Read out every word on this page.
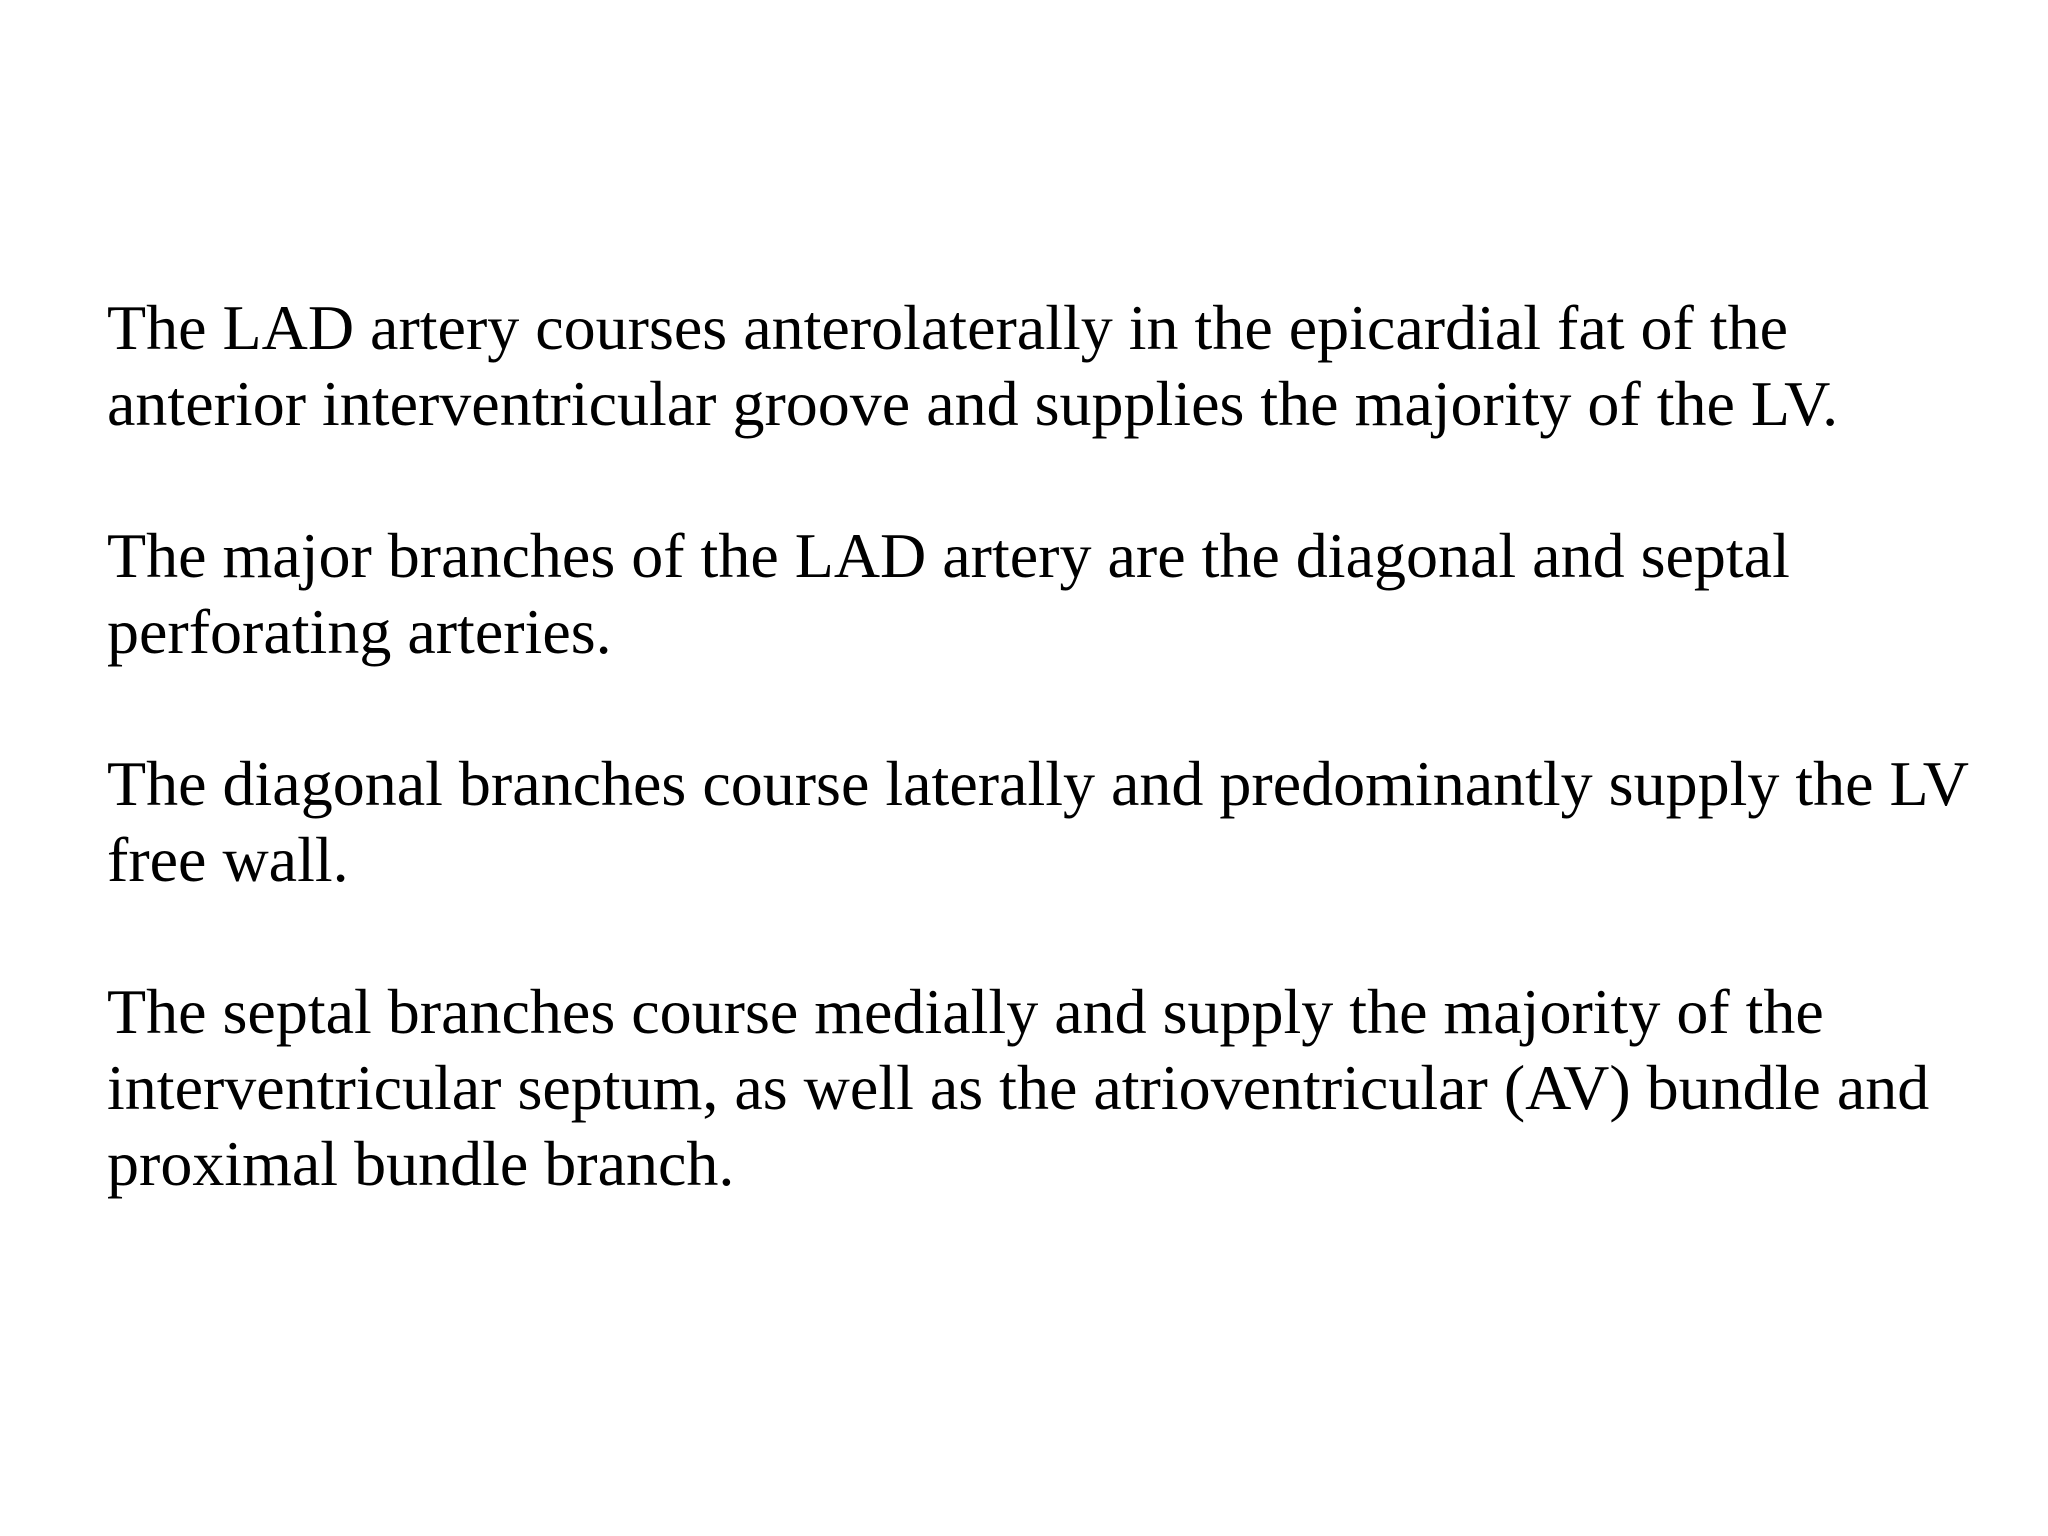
The LAD artery courses anterolaterally in the epicardial fat of the
anterior interventricular groove and supplies the majority of the LV.

The major branches of the LAD artery are the diagonal and septal
perforating arteries.

The diagonal branches course laterally and predominantly supply the LV
free wall.

The septal branches course medially and supply the majority of the
interventricular septum, as well as the atrioventricular (AV) bundle and
proximal bundle branch.
